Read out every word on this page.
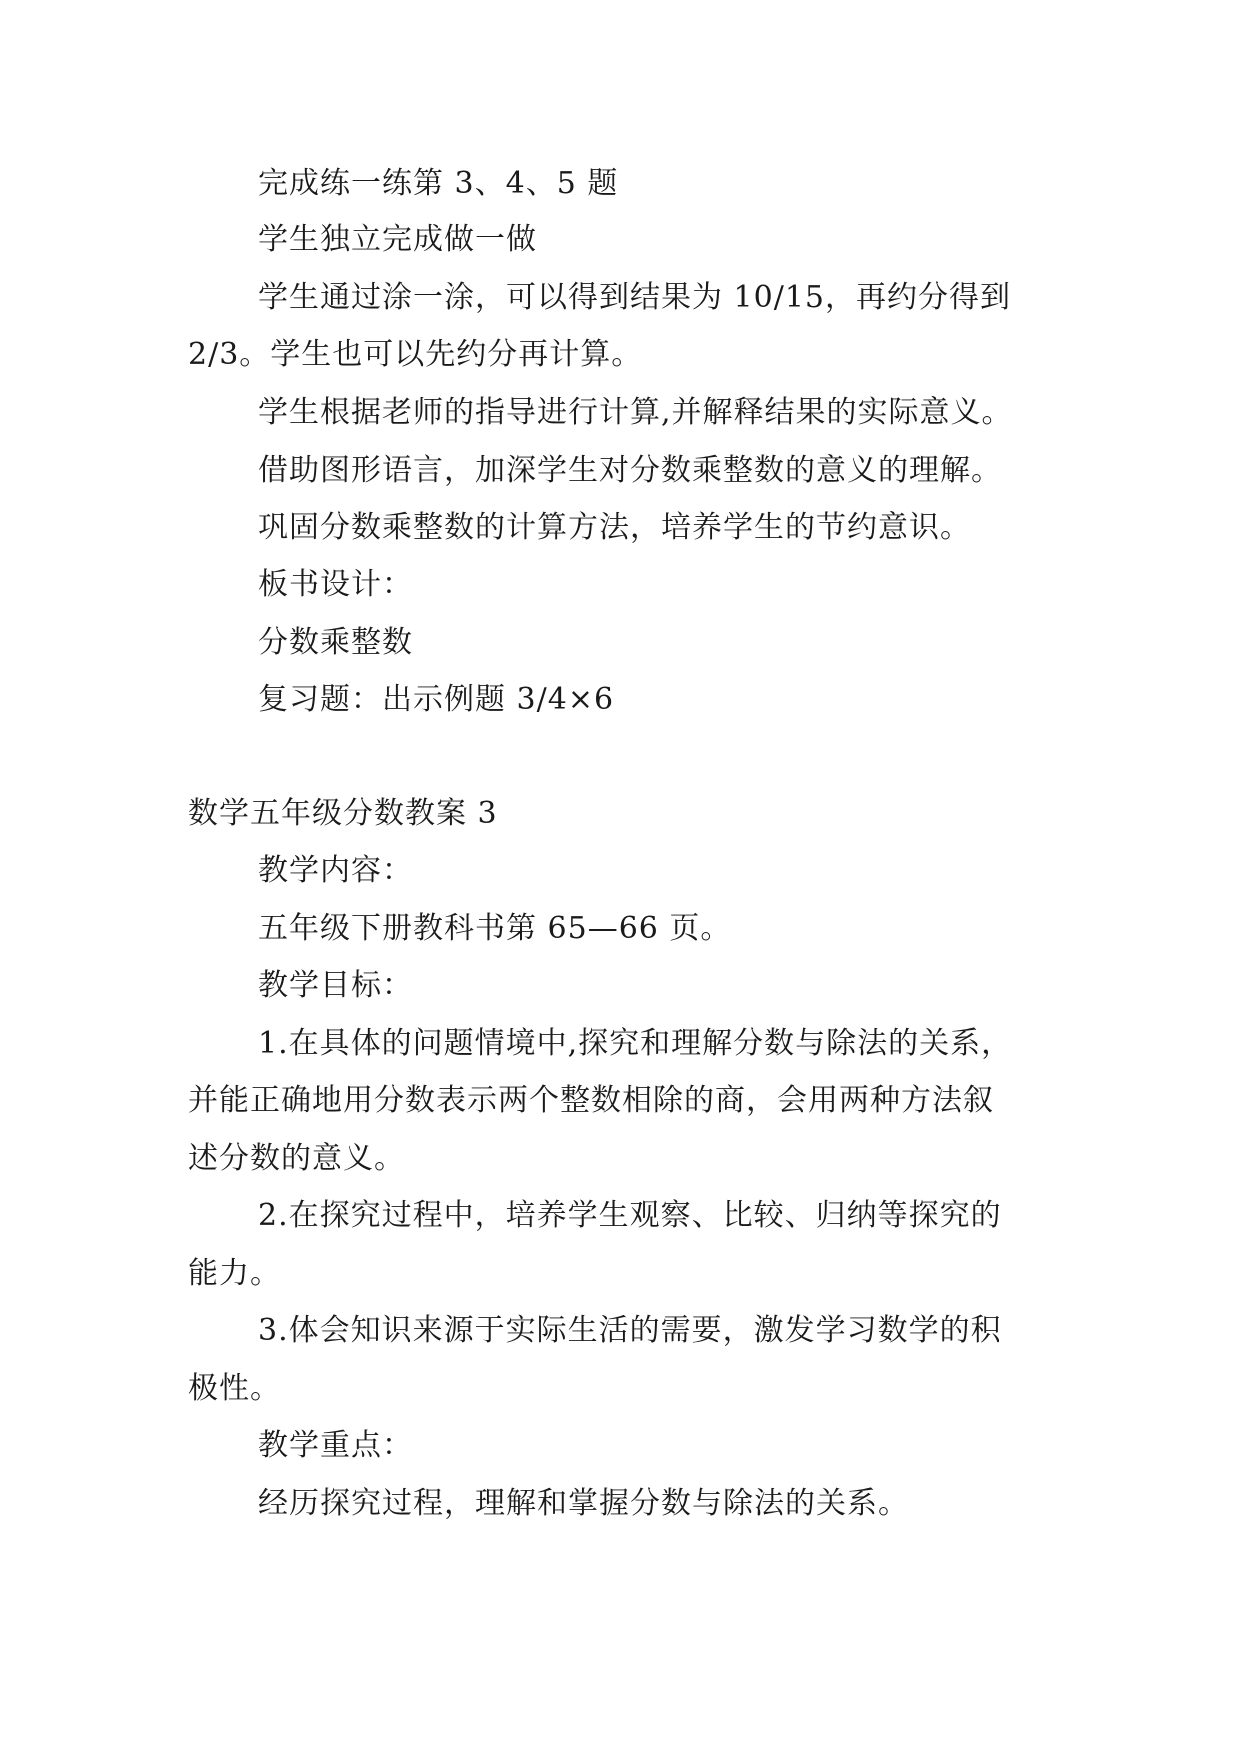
完成练一练第 3、4、5 题
学生独立完成做一做
学生通过涂一涂，可以得到结果为 10/15，再约分得到
2/3。学生也可以先约分再计算。
学生根据老师的指导进行计算,并解释结果的实际意义。
借助图形语言，加深学生对分数乘整数的意义的理解。
巩固分数乘整数的计算方法，培养学生的节约意识。
板书设计：
分数乘整数
复习题：出示例题 3/4×6
数学五年级分数教案 3
教学内容：
五年级下册教科书第 65—66 页。
教学目标：
1.在具体的问题情境中,探究和理解分数与除法的关系，
并能正确地用分数表示两个整数相除的商，会用两种方法叙
述分数的意义。
2.在探究过程中，培养学生观察、比较、归纳等探究的
能力。
3.体会知识来源于实际生活的需要，激发学习数学的积
极性。
教学重点：
经历探究过程，理解和掌握分数与除法的关系。
